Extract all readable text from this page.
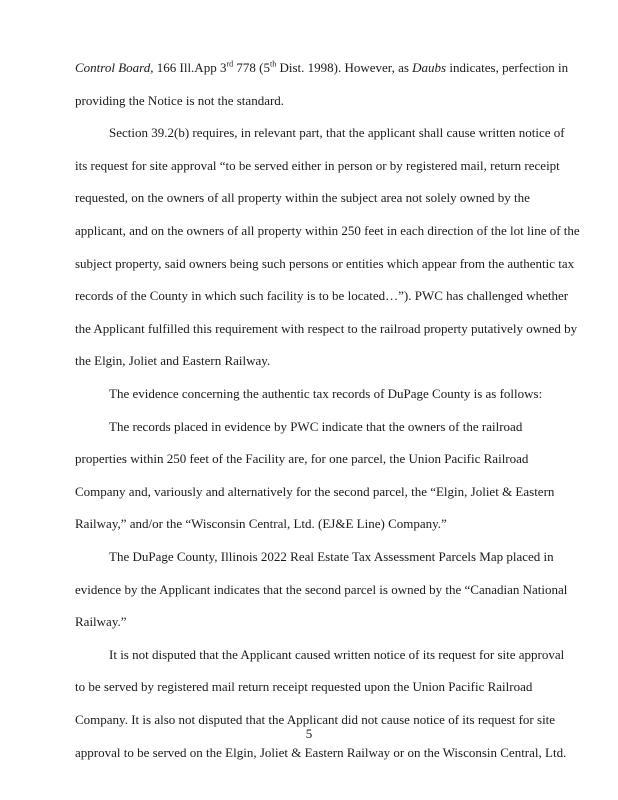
Control Board, 166 Ill.App 3rd 778 (5th Dist. 1998). However, as Daubs indicates, perfection in

providing the Notice is not the standard.

Section 39.2(b) requires, in relevant part, that the applicant shall cause written notice of

its request for site approval “to be served either in person or by registered mail, return receipt

requested, on the owners of all property within the subject area not solely owned by the

applicant, and on the owners of all property within 250 feet in each direction of the lot line of the

subject property, said owners being such persons or entities which appear from the authentic tax

records of the County in which such facility is to be located…”). PWC has challenged whether

the Applicant fulfilled this requirement with respect to the railroad property putatively owned by

the Elgin, Joliet and Eastern Railway.

The evidence concerning the authentic tax records of DuPage County is as follows:

The records placed in evidence by PWC indicate that the owners of the railroad

properties within 250 feet of the Facility are, for one parcel, the Union Pacific Railroad

Company and, variously and alternatively for the second parcel, the “Elgin, Joliet & Eastern

Railway,” and/or the “Wisconsin Central, Ltd. (EJ&E Line) Company.”

The DuPage County, Illinois 2022 Real Estate Tax Assessment Parcels Map placed in

evidence by the Applicant indicates that the second parcel is owned by the “Canadian National

Railway.”

It is not disputed that the Applicant caused written notice of its request for site approval

to be served by registered mail return receipt requested upon the Union Pacific Railroad

Company. It is also not disputed that the Applicant did not cause notice of its request for site

approval to be served on the Elgin, Joliet & Eastern Railway or on the Wisconsin Central, Ltd.

5
